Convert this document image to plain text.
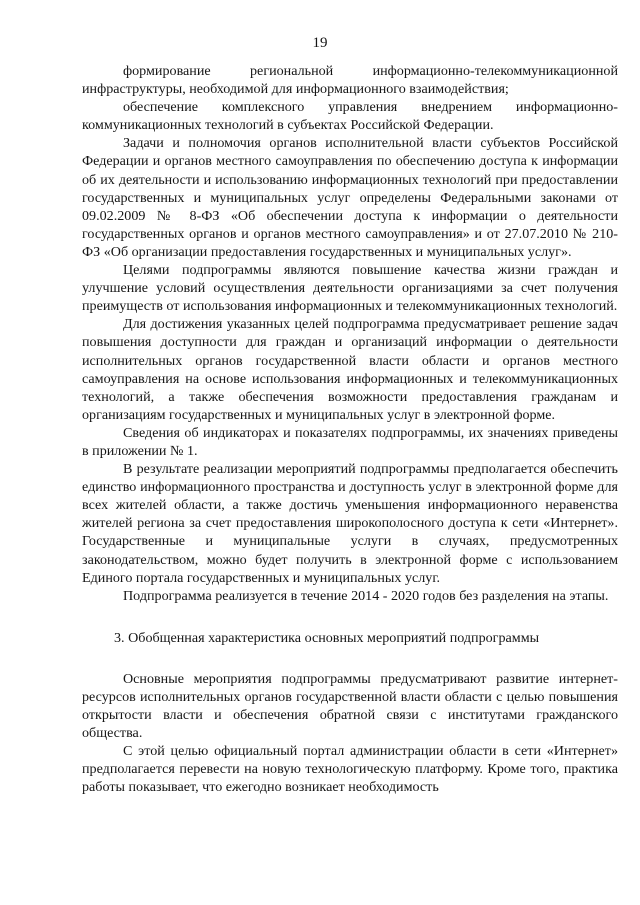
19

формирование региональной информационно-телекоммуникационной инфраструктуры, необходимой для информационного взаимодействия;

обеспечение комплексного управления внедрением информационно-коммуникационных технологий в субъектах Российской Федерации.

Задачи и полномочия органов исполнительной власти субъектов Российской Федерации и органов местного самоуправления по обеспечению доступа к информации об их деятельности и использованию информационных технологий при предоставлении государственных и муниципальных услуг определены Федеральными законами от 09.02.2009 № 8-ФЗ «Об обеспечении доступа к информации о деятельности государственных органов и органов местного самоуправления» и от 27.07.2010 № 210-ФЗ «Об организации предоставления государственных и муниципальных услуг».

Целями подпрограммы являются повышение качества жизни граждан и улучшение условий осуществления деятельности организациями за счет получения преимуществ от использования информационных и телекоммуникационных технологий.

Для достижения указанных целей подпрограмма предусматривает решение задач повышения доступности для граждан и организаций информации о деятельности исполнительных органов государственной власти области и органов местного самоуправления на основе использования информационных и телекоммуникационных технологий, а также обеспечения возможности предоставления гражданам и организациям государственных и муниципальных услуг в электронной форме.

Сведения об индикаторах и показателях подпрограммы, их значениях приведены в приложении № 1.

В результате реализации мероприятий подпрограммы предполагается обеспечить единство информационного пространства и доступность услуг в электронной форме для всех жителей области, а также достичь уменьшения информационного неравенства жителей региона за счет предоставления широкополосного доступа к сети «Интернет». Государственные и муниципальные услуги в случаях, предусмотренных законодательством, можно будет получить в электронной форме с использованием Единого портала государственных и муниципальных услуг.

Подпрограмма реализуется в течение 2014 - 2020 годов без разделения на этапы.

3. Обобщенная характеристика основных мероприятий подпрограммы

Основные мероприятия подпрограммы предусматривают развитие интернет-ресурсов исполнительных органов государственной власти области с целью повышения открытости власти и обеспечения обратной связи с институтами гражданского общества.

С этой целью официальный портал администрации области в сети «Интернет» предполагается перевести на новую технологическую платформу. Кроме того, практика работы показывает, что ежегодно возникает необходимость
